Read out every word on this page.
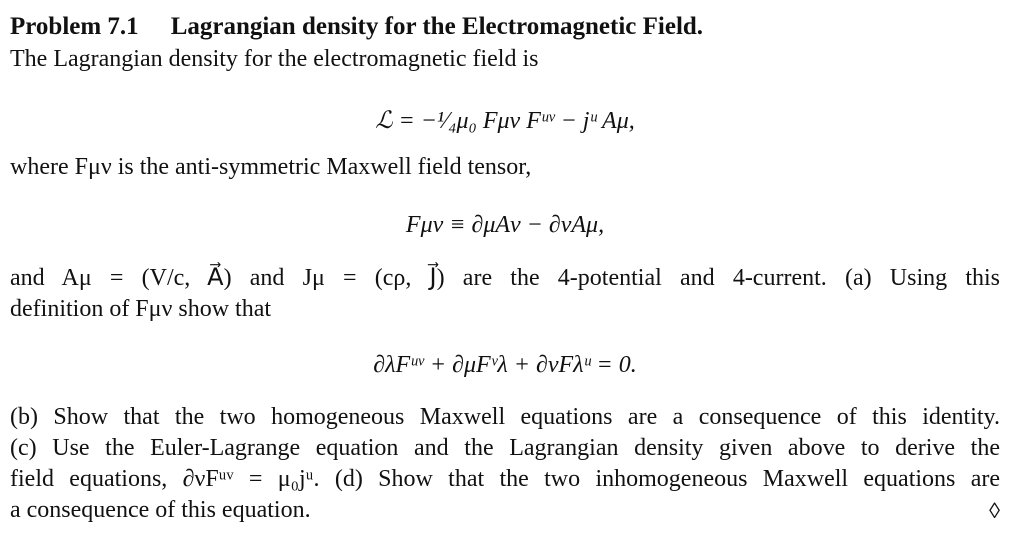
Problem 7.1 Lagrangian density for the Electromagnetic Field.
The Lagrangian density for the electromagnetic field is
ℒ = −¹⁄₄μ₀ Fμν Fᵘᵛ − jᵘ Aμ,
where Fμν is the anti-symmetric Maxwell field tensor,
Fμν ≡ ∂μAν − ∂νAμ,
and Aμ = (V/c, A⃗) and Jμ = (cρ, J⃗) are the 4-potential and 4-current. (a) Using this
definition of Fμν show that
∂λFᵘᵛ + ∂μFᵛλ + ∂νFλᵘ = 0.
(b) Show that the two homogeneous Maxwell equations are a consequence of this identity.
(c) Use the Euler-Lagrange equation and the Lagrangian density given above to derive the
field equations, ∂νFᵘᵛ = μ₀jᵘ. (d) Show that the two inhomogeneous Maxwell equations are
a consequence of this equation.	◊
